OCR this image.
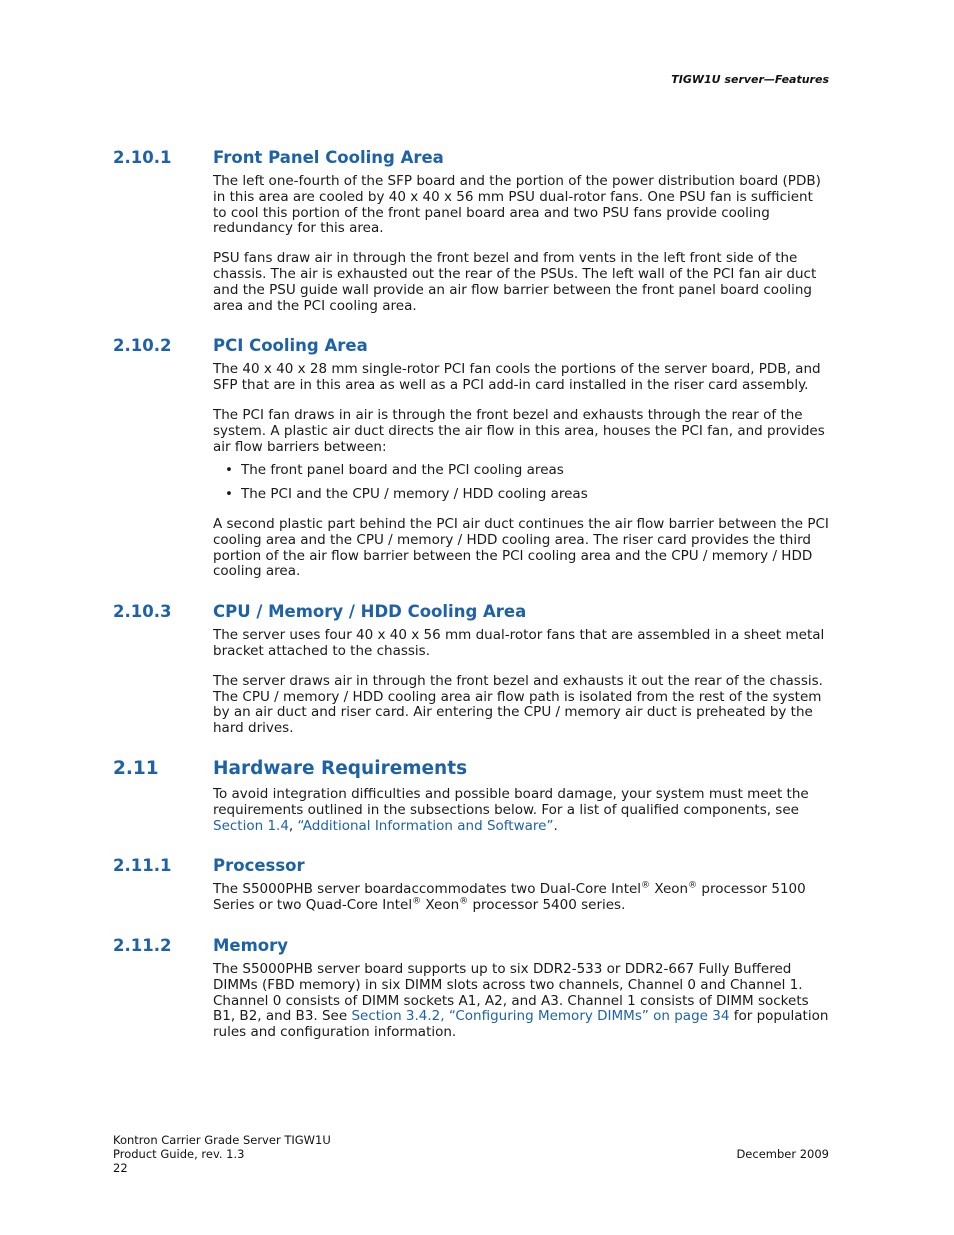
TIGW1U server—Features
2.10.1	Front Panel Cooling Area

The left one-fourth of the SFP board and the portion of the power distribution board (PDB) in this area are cooled by 40 x 40 x 56 mm PSU dual-rotor fans. One PSU fan is sufficient to cool this portion of the front panel board area and two PSU fans provide cooling redundancy for this area.

PSU fans draw air in through the front bezel and from vents in the left front side of the chassis. The air is exhausted out the rear of the PSUs. The left wall of the PCI fan air duct and the PSU guide wall provide an air flow barrier between the front panel board cooling area and the PCI cooling area.

2.10.2	PCI Cooling Area

The 40 x 40 x 28 mm single-rotor PCI fan cools the portions of the server board, PDB, and SFP that are in this area as well as a PCI add-in card installed in the riser card assembly.

The PCI fan draws in air is through the front bezel and exhausts through the rear of the system. A plastic air duct directs the air flow in this area, houses the PCI fan, and provides air flow barriers between:

• The front panel board and the PCI cooling areas
• The PCI and the CPU / memory / HDD cooling areas

A second plastic part behind the PCI air duct continues the air flow barrier between the PCI cooling area and the CPU / memory / HDD cooling area. The riser card provides the third portion of the air flow barrier between the PCI cooling area and the CPU / memory / HDD cooling area.

2.10.3	CPU / Memory / HDD Cooling Area

The server uses four 40 x 40 x 56 mm dual-rotor fans that are assembled in a sheet metal bracket attached to the chassis.

The server draws air in through the front bezel and exhausts it out the rear of the chassis. The CPU / memory / HDD cooling area air flow path is isolated from the rest of the system by an air duct and riser card. Air entering the CPU / memory air duct is preheated by the hard drives.

2.11	Hardware Requirements

To avoid integration difficulties and possible board damage, your system must meet the requirements outlined in the subsections below. For a list of qualified components, see Section 1.4, “Additional Information and Software”.

2.11.1	Processor

The S5000PHB server boardaccommodates two Dual-Core Intel® Xeon® processor 5100 Series or two Quad-Core Intel® Xeon® processor 5400 series.

2.11.2	Memory

The S5000PHB server board supports up to six DDR2-533 or DDR2-667 Fully Buffered DIMMs (FBD memory) in six DIMM slots across two channels, Channel 0 and Channel 1. Channel 0 consists of DIMM sockets A1, A2, and A3. Channel 1 consists of DIMM sockets B1, B2, and B3. See Section 3.4.2, “Configuring Memory DIMMs” on page 34 for population rules and configuration information.

Kontron Carrier Grade Server TIGW1U
Product Guide, rev. 1.3
22
December 2009
